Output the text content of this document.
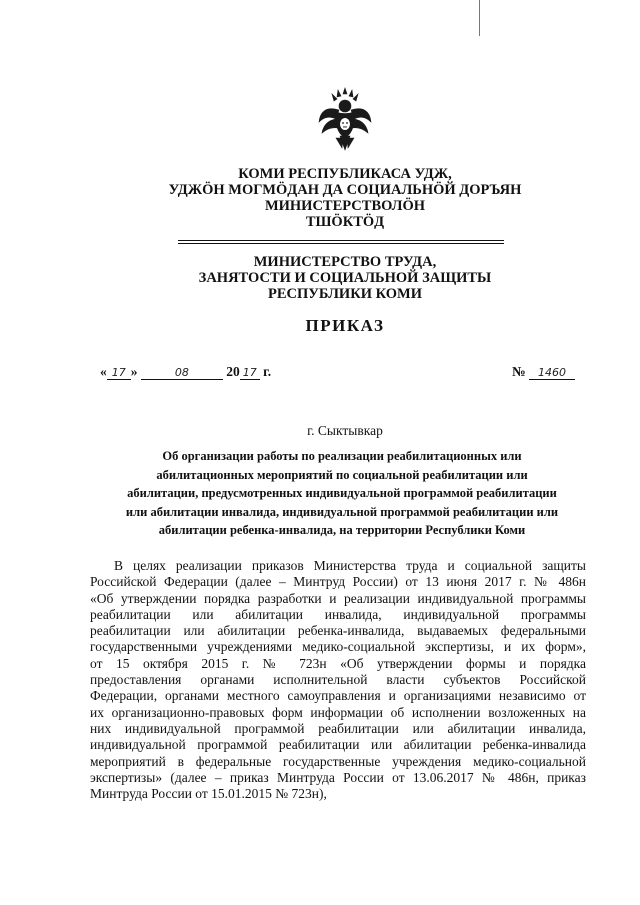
КОМИ РЕСПУБЛИКАСА УДЖ,
УДЖӦН МОГМӦДАН ДА СОЦИАЛЬНӦЙ ДОРЪЯН
МИНИСТЕРСТВОЛӦН
ТШӦКТӦД
МИНИСТЕРСТВО ТРУДА,
ЗАНЯТОСТИ И СОЦИАЛЬНОЙ ЗАЩИТЫ
РЕСПУБЛИКИ КОМИ
ПРИКАЗ
« 17 »	08	20 17 г.	№ 1460
г. Сыктывкар
Об организации работы по реализации реабилитационных или
абилитационных мероприятий по социальной реабилитации или
абилитации, предусмотренных индивидуальной программой реабилитации
или абилитации инвалида, индивидуальной программой реабилитации или
абилитации ребенка-инвалида, на территории Республики Коми
В целях реализации приказов Министерства труда и социальной защиты
Российской Федерации (далее – Минтруд России) от 13 июня 2017 г. № 486н
«Об утверждении порядка разработки и реализации индивидуальной программы
реабилитации или абилитации инвалида, индивидуальной программы
реабилитации или абилитации ребенка-инвалида, выдаваемых федеральными
государственными учреждениями медико-социальной экспертизы, и их форм»,
от 15 октября 2015 г. № 723н «Об утверждении формы и порядка
предоставления органами исполнительной власти субъектов Российской
Федерации, органами местного самоуправления и организациями независимо от
их организационно-правовых форм информации об исполнении возложенных на
них индивидуальной программой реабилитации или абилитации инвалида,
индивидуальной программой реабилитации или абилитации ребенка-инвалида
мероприятий в федеральные государственные учреждения медико-социальной
экспертизы» (далее – приказ Минтруда России от 13.06.2017 № 486н, приказ
Минтруда России от 15.01.2015 № 723н),
